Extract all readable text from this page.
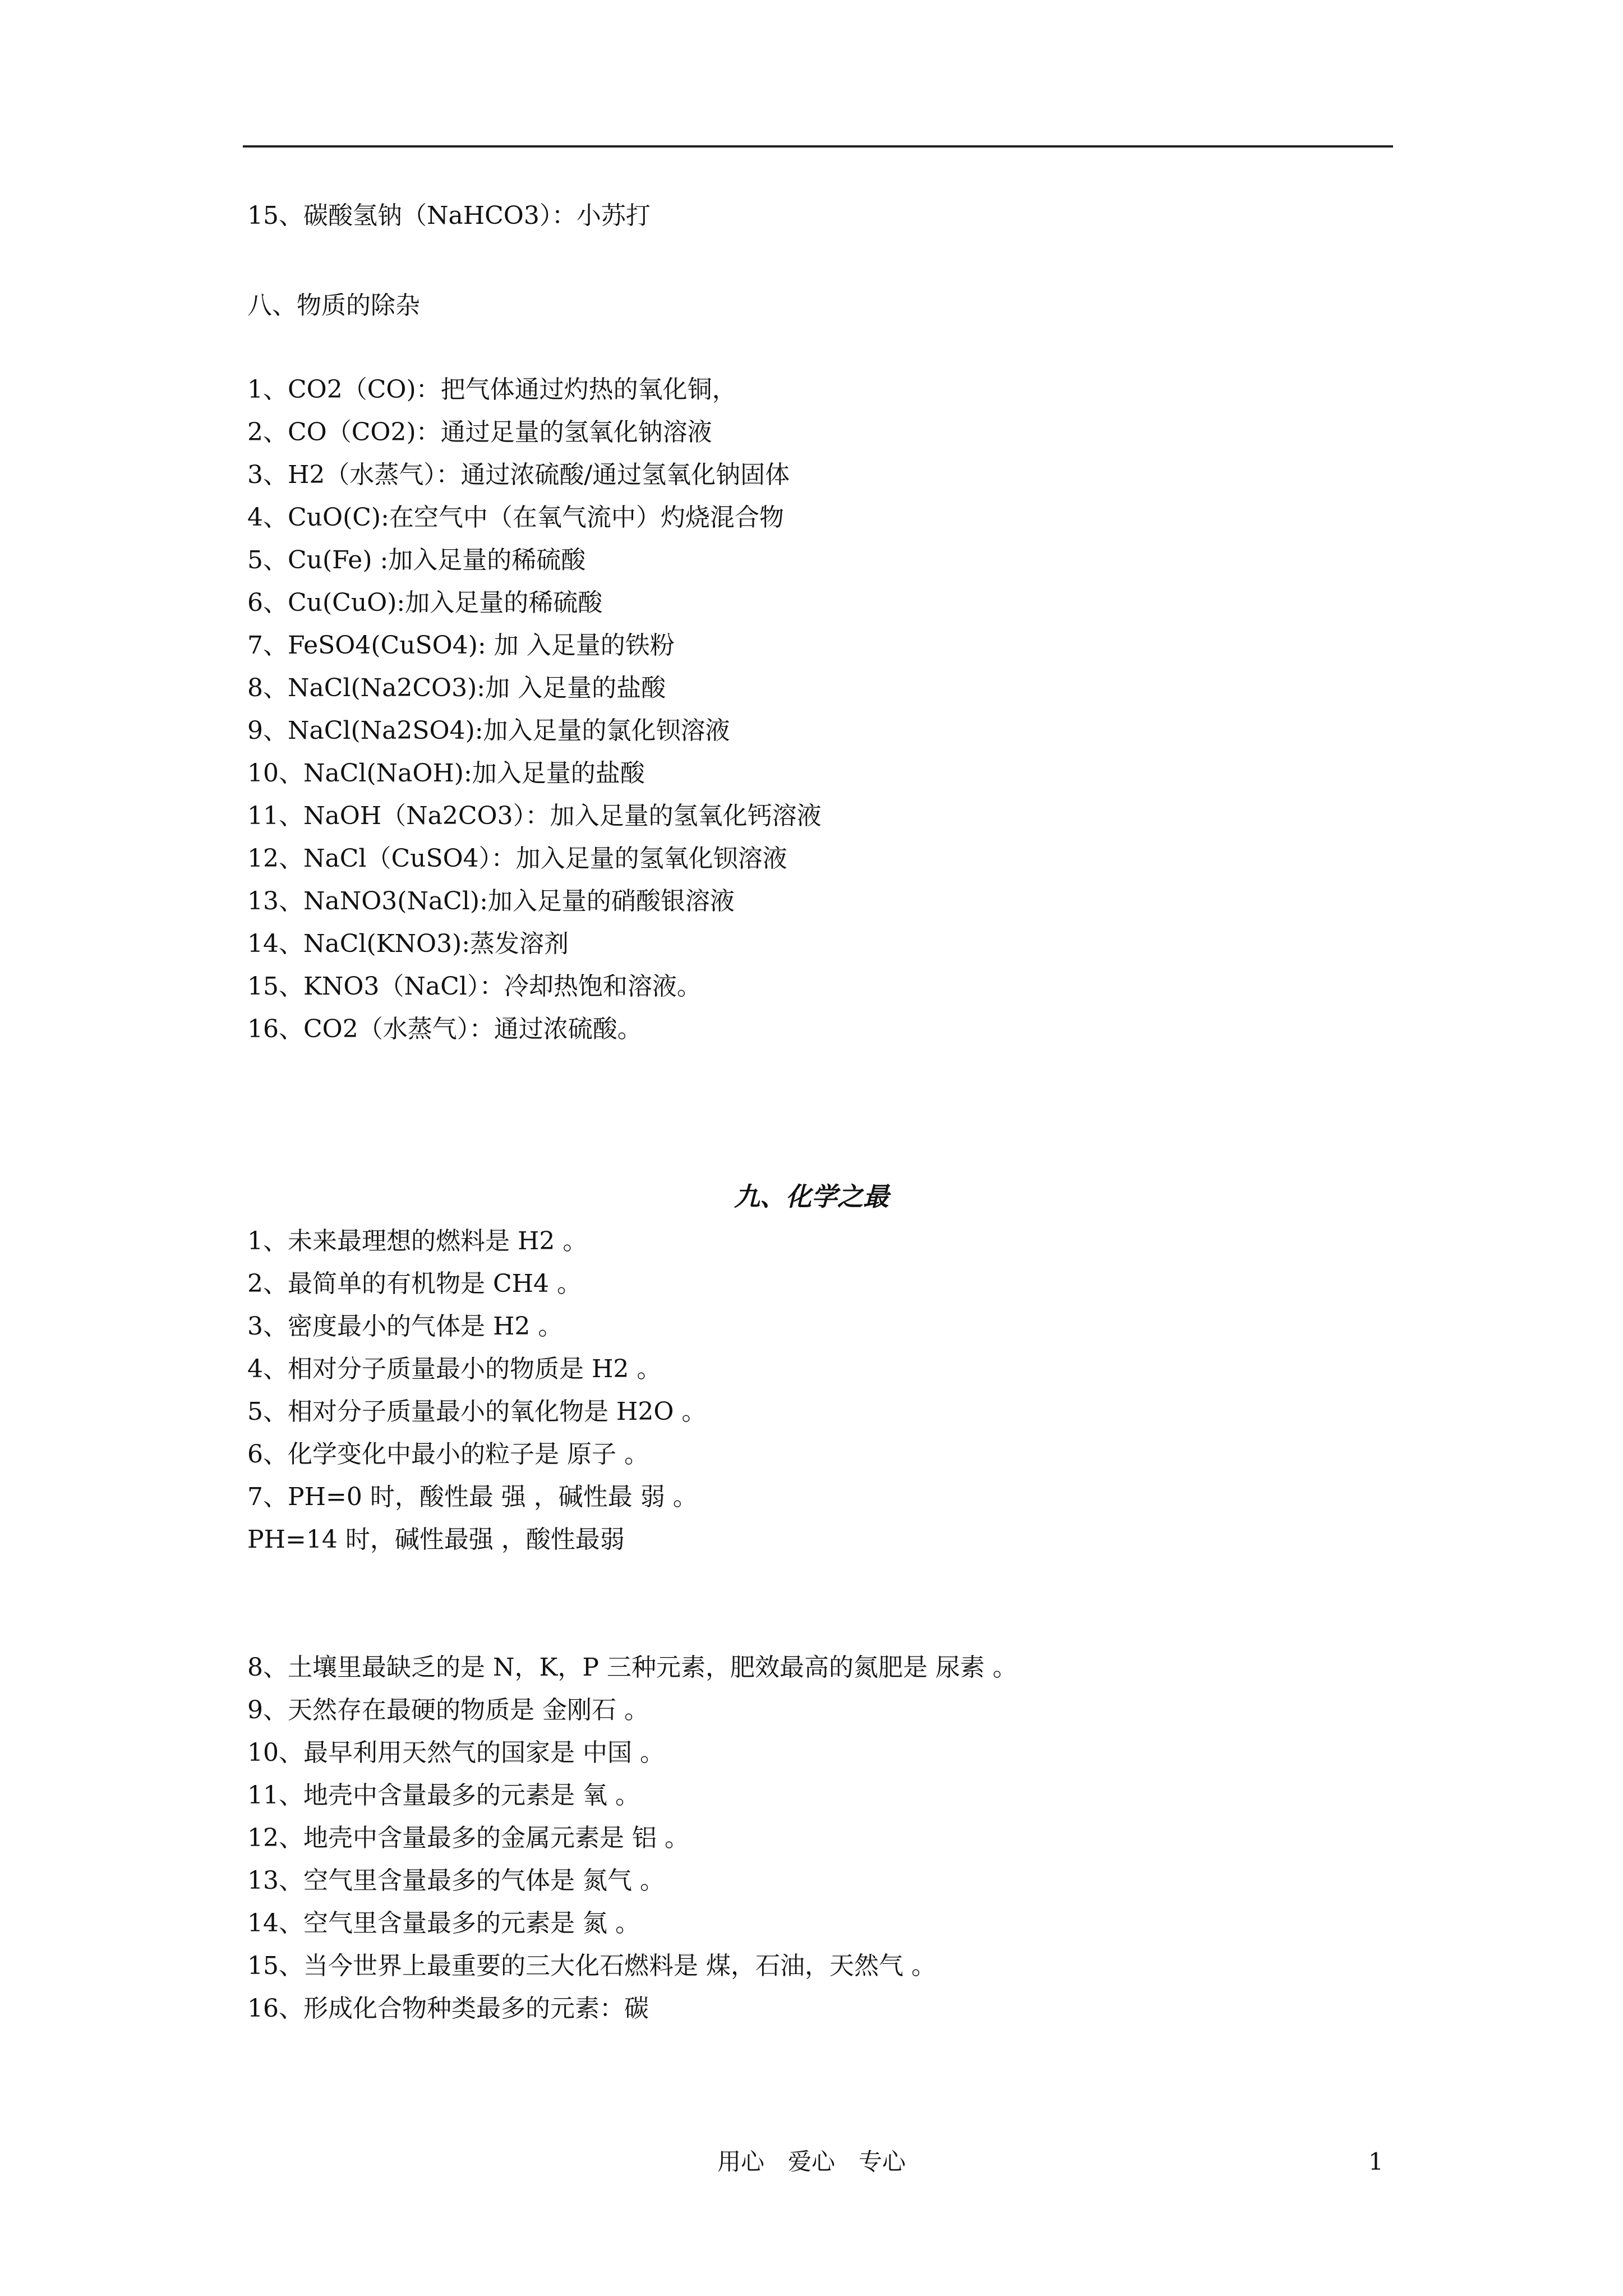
15、碳酸氢钠（NaHCO3）：小苏打
八、物质的除杂
1、CO2（CO)：把气体通过灼热的氧化铜，
2、CO（CO2)：通过足量的氢氧化钠溶液
3、H2（水蒸气）：通过浓硫酸/通过氢氧化钠固体
4、CuO(C):在空气中（在氧气流中）灼烧混合物
5、Cu(Fe) :加入足量的稀硫酸
6、Cu(CuO):加入足量的稀硫酸
7、FeSO4(CuSO4): 加 入足量的铁粉
8、NaCl(Na2CO3):加 入足量的盐酸
9、NaCl(Na2SO4):加入足量的氯化钡溶液
10、NaCl(NaOH):加入足量的盐酸
11、NaOH（Na2CO3）：加入足量的氢氧化钙溶液
12、NaCl（CuSO4）：加入足量的氢氧化钡溶液
13、NaNO3(NaCl):加入足量的硝酸银溶液
14、NaCl(KNO3):蒸发溶剂
15、KNO3（NaCl）：冷却热饱和溶液。
16、CO2（水蒸气）：通过浓硫酸。
九、化学之最
1、未来最理想的燃料是 H2 。
2、最简单的有机物是 CH4 。
3、密度最小的气体是 H2 。
4、相对分子质量最小的物质是 H2 。
5、相对分子质量最小的氧化物是 H2O 。
6、化学变化中最小的粒子是 原子 。
7、PH=0 时，酸性最 强 ，碱性最 弱 。
PH=14 时，碱性最强 ，酸性最弱
8、土壤里最缺乏的是 N，K，P 三种元素，肥效最高的氮肥是 尿素 。
9、天然存在最硬的物质是 金刚石 。
10、最早利用天然气的国家是 中国 。
11、地壳中含量最多的元素是 氧 。
12、地壳中含量最多的金属元素是 铝 。
13、空气里含量最多的气体是 氮气 。
14、空气里含量最多的元素是 氮 。
15、当今世界上最重要的三大化石燃料是 煤，石油，天然气 。
16、形成化合物种类最多的元素：碳
用心　爱心　专心	1
